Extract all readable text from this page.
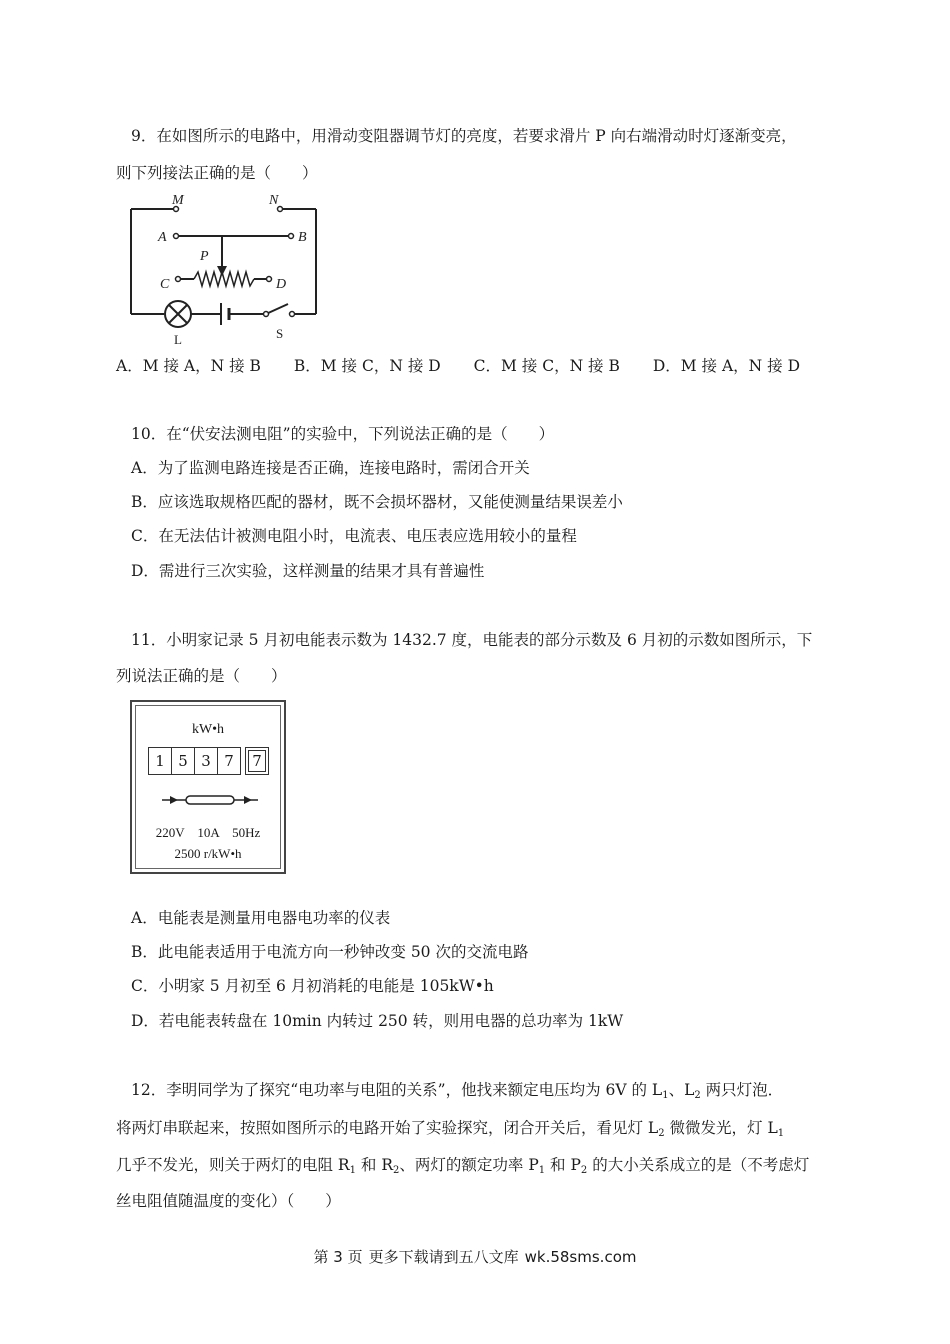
9．在如图所示的电路中，用滑动变阻器调节灯的亮度，若要求滑片 P 向右端滑动时灯逐渐变亮，
则下列接法正确的是（　　）
M	N
A	B
P
C	D
L	S
A．M 接 A，N 接 B B．M 接 C，N 接 D C．M 接 C，N 接 B D．M 接 A，N 接 D
10．在“伏安法测电阻”的实验中，下列说法正确的是（　　）
A．为了监测电路连接是否正确，连接电路时，需闭合开关
B．应该选取规格匹配的器材，既不会损坏器材，又能使测量结果误差小
C．在无法估计被测电阻小时，电流表、电压表应选用较小的量程
D．需进行三次实验，这样测量的结果才具有普遍性
11．小明家记录 5 月初电能表示数为 1432.7 度，电能表的部分示数及 6 月初的示数如图所示，下
列说法正确的是（　　）
kW•h
1 5 3 7	7
220V　10A　50Hz
2500 r/kW•h
A．电能表是测量用电器电功率的仪表
B．此电能表适用于电流方向一秒钟改变 50 次的交流电路
C．小明家 5 月初至 6 月初消耗的电能是 105kW•h
D．若电能表转盘在 10min 内转过 250 转，则用电器的总功率为 1kW
12．李明同学为了探究“电功率与电阻的关系”，他找来额定电压均为 6V 的 $L_1$、$L_2$ 两只灯泡．
将两灯串联起来，按照如图所示的电路开始了实验探究，闭合开关后，看见灯 $L_2$ 微微发光，灯 $L_1$
几乎不发光，则关于两灯的电阻 $R_1$ 和 $R_2$、两灯的额定功率 $P_1$ 和 $P_2$ 的大小关系成立的是（不考虑灯
丝电阻值随温度的变化）（　　）
第 3 页 更多下载请到五八文库 wk.58sms.com
